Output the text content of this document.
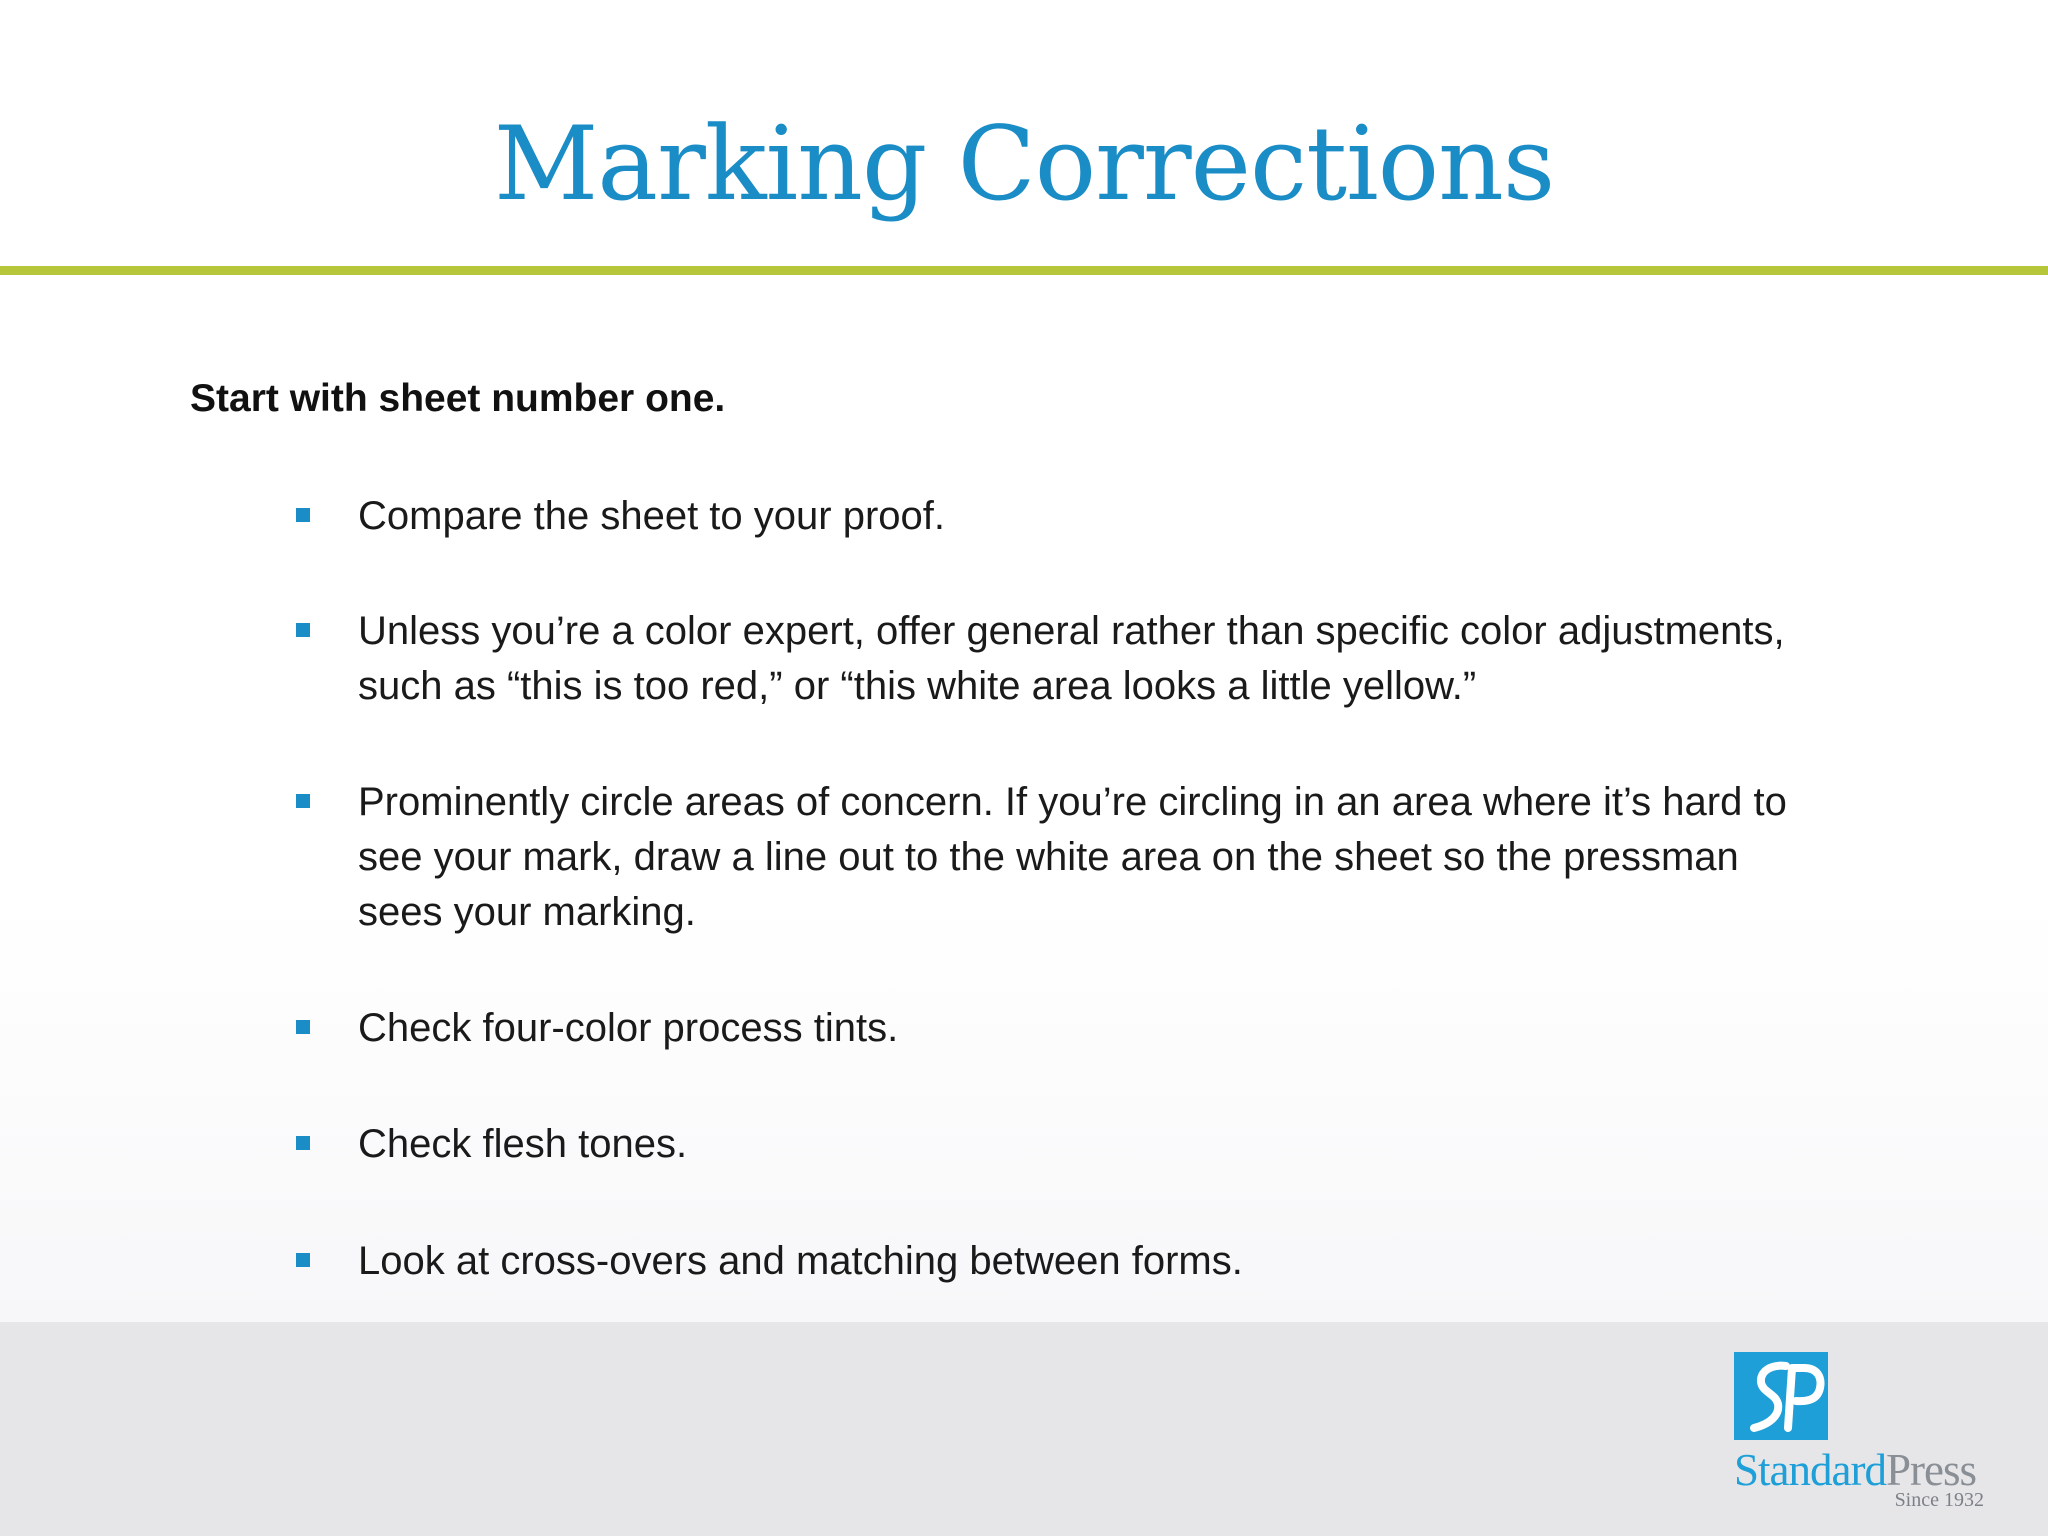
Marking Corrections
Start with sheet number one.
Compare the sheet to your proof.
Unless you’re a color expert, offer general rather than specific color adjustments,
such as “this is too red,” or “this white area looks a little yellow.”
Prominently circle areas of concern. If you’re circling in an area where it’s hard to
see your mark, draw a line out to the white area on the sheet so the pressman
sees your marking.
Check four-color process tints.
Check flesh tones.
Look at cross-overs and matching between forms.
StandardPress
Since 1932
